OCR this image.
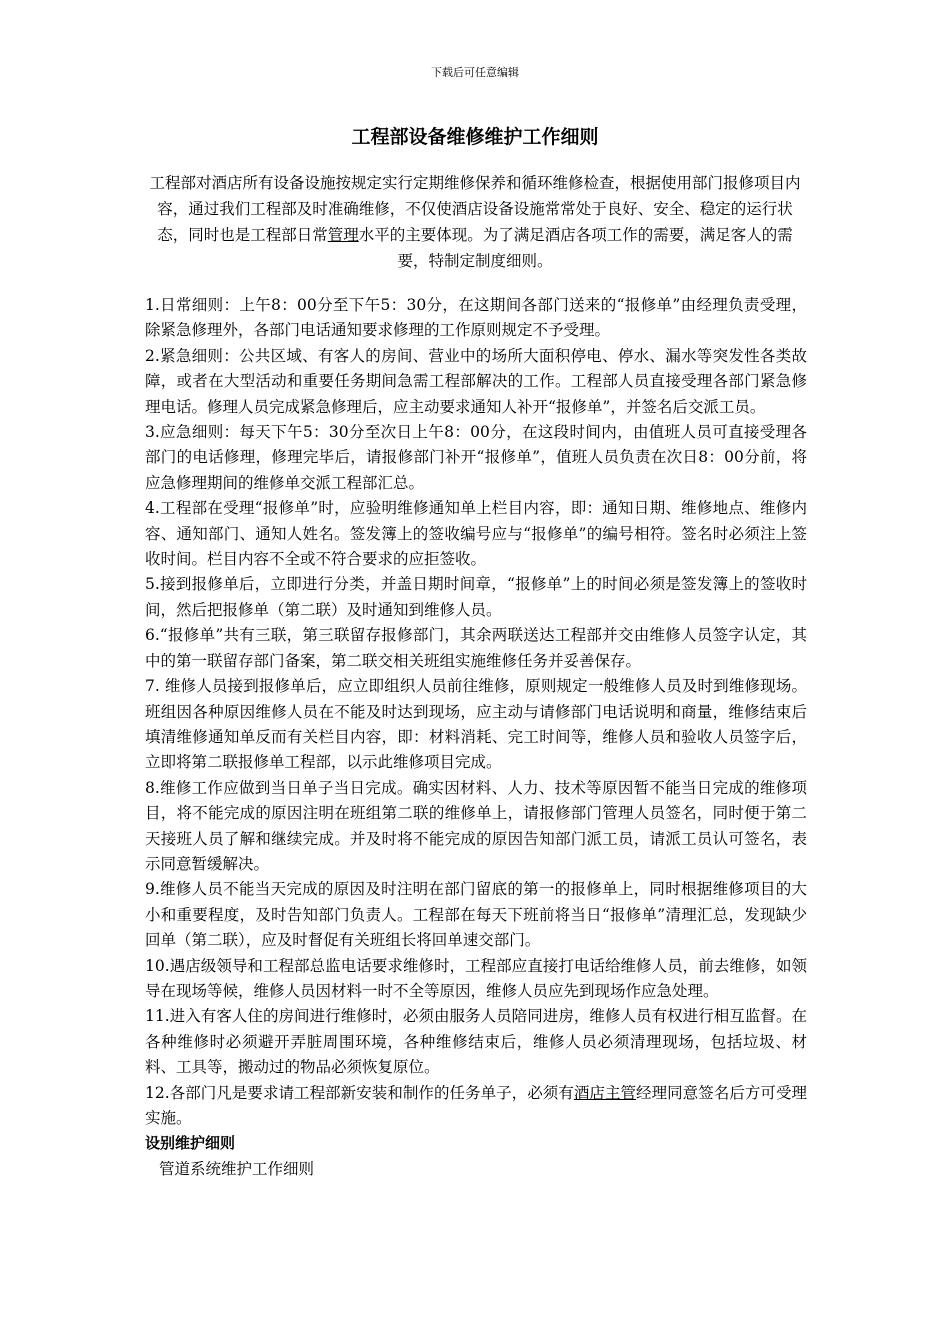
下载后可任意编辑
工程部设备维修维护工作细则
工程部对酒店所有设备设施按规定实行定期维修保养和循环维修检查，根据使用部门报修项目内容，通过我们工程部及时准确维修，不仅使酒店设备设施常常处于良好、安全、稳定的运行状态，同时也是工程部日常管理水平的主要体现。为了满足酒店各项工作的需要，满足客人的需要，特制定制度细则。

1.日常细则：上午8：00分至下午5：30分，在这期间各部门送来的“报修单”由经理负责受理，除紧急修理外，各部门电话通知要求修理的工作原则规定不予受理。

2.紧急细则：公共区域、有客人的房间、营业中的场所大面积停电、停水、漏水等突发性各类故障，或者在大型活动和重要任务期间急需工程部解决的工作。工程部人员直接受理各部门紧急修理电话。修理人员完成紧急修理后，应主动要求通知人补开“报修单”，并签名后交派工员。

3.应急细则：每天下午5：30分至次日上午8：00分，在这段时间内，由值班人员可直接受理各部门的电话修理，修理完毕后，请报修部门补开“报修单”，值班人员负责在次日8：00分前，将应急修理期间的维修单交派工程部汇总。

4.工程部在受理“报修单”时，应验明维修通知单上栏目内容，即：通知日期、维修地点、维修内容、通知部门、通知人姓名。签发簿上的签收编号应与“报修单”的编号相符。签名时必须注上签收时间。栏目内容不全或不符合要求的应拒签收。

5.接到报修单后，立即进行分类，并盖日期时间章，“报修单”上的时间必须是签发簿上的签收时间，然后把报修单（第二联）及时通知到维修人员。

6.“报修单”共有三联，第三联留存报修部门，其余两联送达工程部并交由维修人员签字认定，其中的第一联留存部门备案，第二联交相关班组实施维修任务并妥善保存。

7. 维修人员接到报修单后，应立即组织人员前往维修，原则规定一般维修人员及时到维修现场。班组因各种原因维修人员在不能及时达到现场，应主动与请修部门电话说明和商量，维修结束后填清维修通知单反而有关栏目内容，即：材料消耗、完工时间等，维修人员和验收人员签字后，立即将第二联报修单工程部，以示此维修项目完成。

8.维修工作应做到当日单子当日完成。确实因材料、人力、技术等原因暂不能当日完成的维修项目，将不能完成的原因注明在班组第二联的维修单上，请报修部门管理人员签名，同时便于第二天接班人员了解和继续完成。并及时将不能完成的原因告知部门派工员，请派工员认可签名，表示同意暂缓解决。

9.维修人员不能当天完成的原因及时注明在部门留底的第一的报修单上，同时根据维修项目的大小和重要程度，及时告知部门负责人。工程部在每天下班前将当日“报修单”清理汇总，发现缺少回单（第二联），应及时督促有关班组长将回单速交部门。

10.遇店级领导和工程部总监电话要求维修时，工程部应直接打电话给维修人员，前去维修，如领导在现场等候，维修人员因材料一时不全等原因，维修人员应先到现场作应急处理。

11.进入有客人住的房间进行维修时，必须由服务人员陪同进房，维修人员有权进行相互监督。在各种维修时必须避开弄脏周围环境，各种维修结束后，维修人员必须清理现场，包括垃圾、材料、工具等，搬动过的物品必须恢复原位。

12.各部门凡是要求请工程部新安装和制作的任务单子，必须有酒店主管经理同意签名后方可受理实施。

设别维护细则

管道系统维护工作细则
